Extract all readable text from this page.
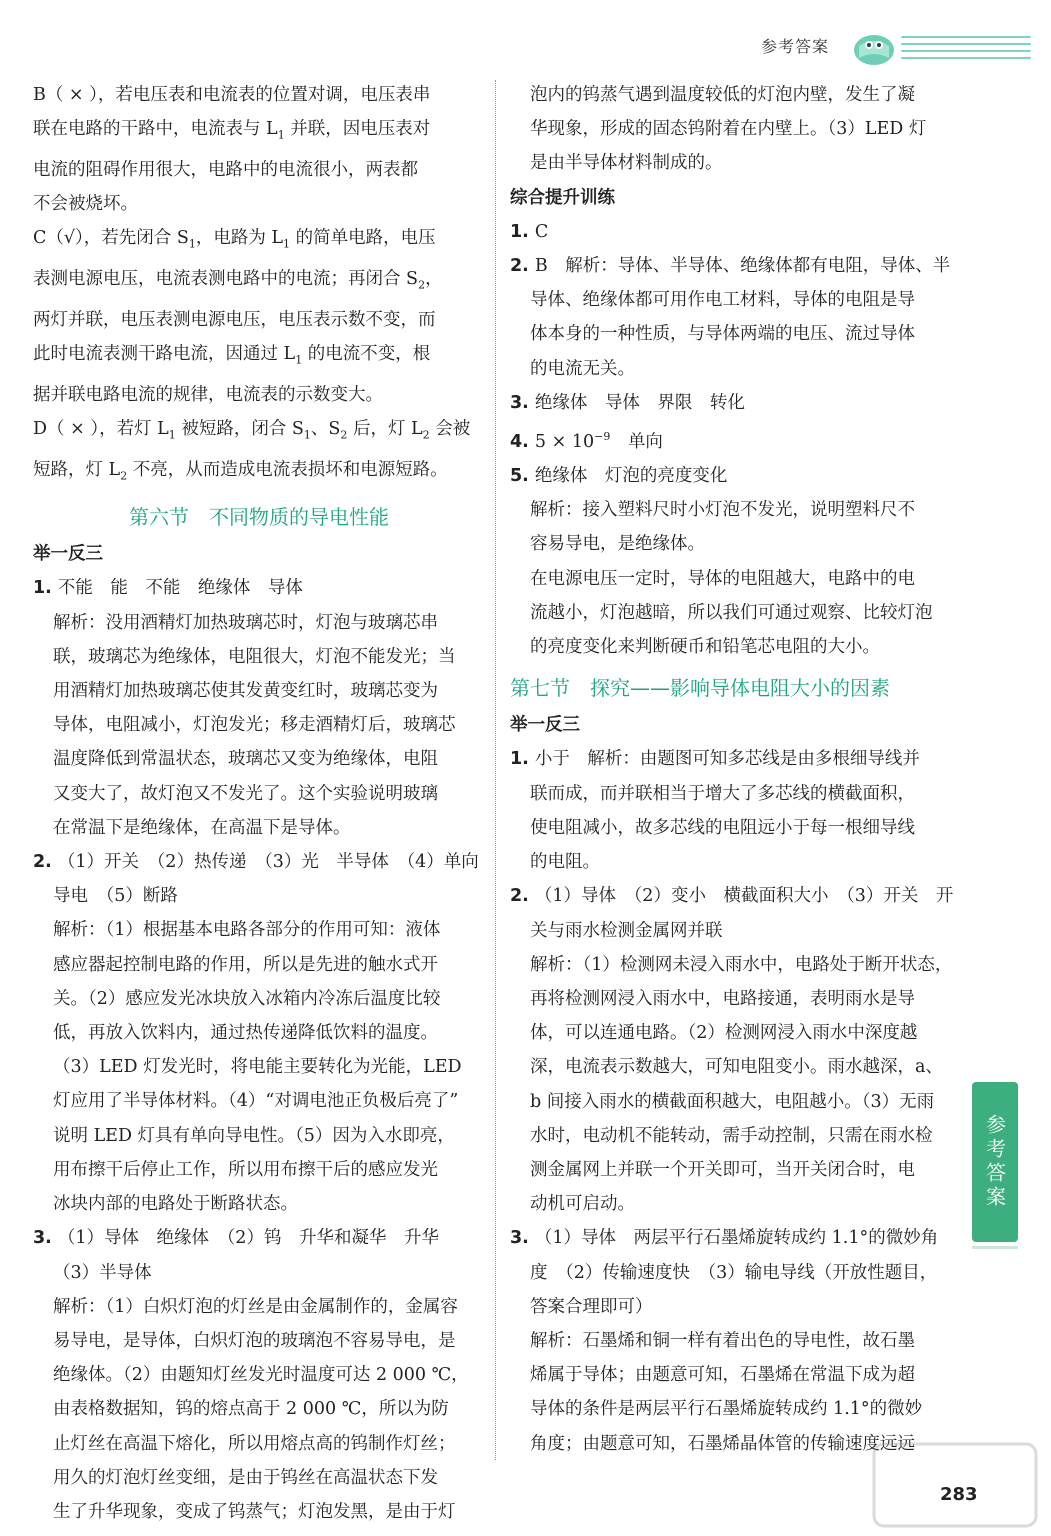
参考答案

B（ × ），若电压表和电流表的位置对调，电压表串
联在电路的干路中，电流表与 $L_1$ 并联，因电压表对
电流的阻碍作用很大，电路中的电流很小，两表都
不会被烧坏。

C（√），若先闭合 $S_1$，电路为 $L_1$ 的简单电路，电压
表测电源电压，电流表测电路中的电流；再闭合 $S_2$，
两灯并联，电压表测电源电压，电压表示数不变，而
此时电流表测干路电流，因通过 $L_1$ 的电流不变，根
据并联电路电流的规律，电流表的示数变大。

D（ × ），若灯 $L_1$ 被短路，闭合 $S_1$、$S_2$ 后，灯 $L_2$ 会被
短路，灯 $L_2$ 不亮，从而造成电流表损坏和电源短路。

第六节　不同物质的导电性能

举一反三

1. 不能　能　不能　绝缘体　导体

解析：没用酒精灯加热玻璃芯时，灯泡与玻璃芯串

联，玻璃芯为绝缘体，电阻很大，灯泡不能发光；当

用酒精灯加热玻璃芯使其发黄变红时，玻璃芯变为

导体，电阻减小，灯泡发光；移走酒精灯后，玻璃芯

温度降低到常温状态，玻璃芯又变为绝缘体，电阻

又变大了，故灯泡又不发光了。这个实验说明玻璃

在常温下是绝缘体，在高温下是导体。

2. （1）开关　（2）热传递　（3）光　半导体　（4）单向

导电　（5）断路

解析：（1）根据基本电路各部分的作用可知：液体

感应器起控制电路的作用，所以是先进的触水式开

关。（2）感应发光冰块放入冰箱内冷冻后温度比较

低，再放入饮料内，通过热传递降低饮料的温度。

（3）LED 灯发光时，将电能主要转化为光能，LED

灯应用了半导体材料。（4）“对调电池正负极后亮了”

说明 LED 灯具有单向导电性。（5）因为入水即亮，

用布擦干后停止工作，所以用布擦干后的感应发光

冰块内部的电路处于断路状态。

3. （1）导体　绝缘体　（2）钨　升华和凝华　升华

（3）半导体

解析：（1）白炽灯泡的灯丝是由金属制作的，金属容

易导电，是导体，白炽灯泡的玻璃泡不容易导电，是

绝缘体。（2）由题知灯丝发光时温度可达 2 000 ℃，

由表格数据知，钨的熔点高于 2 000 ℃，所以为防

止灯丝在高温下熔化，所以用熔点高的钨制作灯丝；

用久的灯泡灯丝变细，是由于钨丝在高温状态下发

生了升华现象，变成了钨蒸气；灯泡发黑，是由于灯

泡内的钨蒸气遇到温度较低的灯泡内壁，发生了凝

华现象，形成的固态钨附着在内壁上。（3）LED 灯

是由半导体材料制成的。

综合提升训练

1. C

2. B　解析：导体、半导体、绝缘体都有电阻，导体、半

导体、绝缘体都可用作电工材料，导体的电阻是导

体本身的一种性质，与导体两端的电压、流过导体

的电流无关。

3. 绝缘体　导体　界限　转化

4. $5 \times 10^{-9}$　单向

5. 绝缘体　灯泡的亮度变化

解析：接入塑料尺时小灯泡不发光，说明塑料尺不

容易导电，是绝缘体。

在电源电压一定时，导体的电阻越大，电路中的电

流越小，灯泡越暗，所以我们可通过观察、比较灯泡

的亮度变化来判断硬币和铅笔芯电阻的大小。

第七节　探究——影响导体电阻大小的因素

举一反三

1. 小于　解析：由题图可知多芯线是由多根细导线并

联而成，而并联相当于增大了多芯线的横截面积，

使电阻减小，故多芯线的电阻远小于每一根细导线

的电阻。

2. （1）导体　（2）变小　横截面积大小　（3）开关　开

关与雨水检测金属网并联

解析：（1）检测网未浸入雨水中，电路处于断开状态，

再将检测网浸入雨水中，电路接通，表明雨水是导

体，可以连通电路。（2）检测网浸入雨水中深度越

深，电流表示数越大，可知电阻变小。雨水越深，a、

b 间接入雨水的横截面积越大，电阻越小。（3）无雨

水时，电动机不能转动，需手动控制，只需在雨水检

测金属网上并联一个开关即可，当开关闭合时，电

动机可启动。

3. （1）导体　两层平行石墨烯旋转成约 1.1°的微妙角

度　（2）传输速度快　（3）输电导线（开放性题目，

答案合理即可）

解析：石墨烯和铜一样有着出色的导电性，故石墨

烯属于导体；由题意可知，石墨烯在常温下成为超

导体的条件是两层平行石墨烯旋转成约 1.1°的微妙

角度；由题意可知，石墨烯晶体管的传输速度远远

参考答案
283
